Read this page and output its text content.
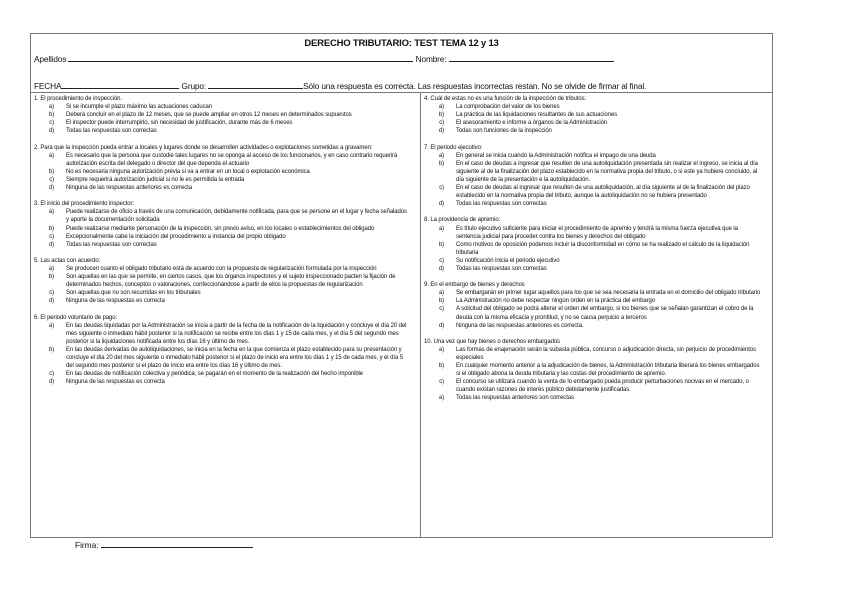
DERECHO TRIBUTARIO: TEST TEMA 12 y 13
Apellidos	Nombre:
FECHA	Grupo:	Sólo una respuesta es correcta. Las respuestas incorrectas restan. No se olvide de firmar al final.
1. El procedimiento de inspección.
a)	Si se incumple el plazo máximo las actuaciones caducan
b)	Deberá concluir en el plazo de 12 meses, que se puede ampliar en otros 12 meses en determinados supuestos
c)	El inspector puede interrumpirlo, sin necesidad de justificación, durante más de 6 meses
d)	Todas las respuestas son correctas
2. Para que la inspección pueda entrar a locales y lugares donde se desarrollen actividades o explotaciones sometidas a gravamen:
a)	Es necesario que la persona que custodie tales lugares no se oponga al acceso de los funcionarios, y en caso contrario requerirá autorización escrita del delegado o director del que dependa el actuario
b)	No es necesaria ninguna autorización previa si va a entrar en un local o explotación económica
c)	Siempre requerirá autorización judicial si no le es permitida la entrada
d)	Ninguna de las respuestas anteriores es correcta
3. El inicio del procedimiento inspector:
a)	Puede realizarse de oficio a través de una comunicación, debidamente notificada, para que se persone en el lugar y fecha señalados y aporte la documentación solicitada
b)	Puede realizarse mediante personación de la inspección, sin previo aviso, en los locales o establecimientos del obligado
c)	Excepcionalmente cabe la iniciación del procedimiento a instancia del propio obligado
d)	Todas las respuestas son correctas
5. Las actas con acuerdo:
a)	Se producen cuanto el obligado tributario está de acuerdo con la propuesta de regularización formulada por la inspección
b)	Son aquellas en las que se permite, en ciertos casos, que los órganos inspectores y el sujeto inspeccionado pacten la fijación de determinados hechos, conceptos o valoraciones, confeccionándose a partir de ellos la propuestas de regularización
c)	Son aquellas que no son recurridas en los tribunales
d)	Ninguna de las respuestas es correcta
6. El periodo voluntario de pago:
a)	En las deudas liquidadas por la Administración se inicia a partir de la fecha de la notificación de la liquidación y concluye el día 20 del mes siguiente o inmediato hábil posterior si la notificación se recibe entre los días 1 y 15 de cada mes, y el día 5 del segundo mes posterior si la liquidaciones notificada entre los días 16 y último de mes.
b)	En las deudas derivadas de autoliquidaciones, se inicia en la fecha en la que comienza el plazo establecido para su presentación y concluye el día 20 del mes siguiente o inmediato hábil posterior si el plazo de inicio era entre los días 1 y 15 de cada mes, y el día 5 del segundo mes posterior si el plazo de inicio era entre los días 16 y último de mes.
c)	En las deudas de notificación colectiva y periódica, se pagarán en el momento de la realización del hecho imponible
d)	Ninguna de las respuestas es correcta
4. Cuál de estas no es una función de la inspección de tributos:
a)	La comprobación del valor de los bienes
b)	La práctica de las liquidaciones resultantes de sus actuaciones
c)	El asesoramiento e informe a órganos de la Administración
d)	Todas son funciones de la inspección
7. El periodo ejecutivo:
a)	En general se inicia cuando la Administración notifica el impago de una deuda
b)	En el caso de deudas a ingresar que resulten de una autoliquidación presentada sin realizar el ingreso, se inicia al día siguiente al de la finalización del plazo establecido en la normativa propia del tributo, o si este ya hubiere concluido, al día siguiente de la presentación e la autoliquidación.
c)	En el caso de deudas al ingresar que resulten de una autoliquidación, al día siguiente al de la finalización del plazo establecido en la normativa propia del tributo, aunque la autoliquidación no se hubiera presentado
d)	Todas las respuestas son correctas
8. La providencia de apremio:
a)	Es título ejecutivo suficiente para iniciar el procedimiento de apremio y tendrá la misma fuerza ejecutiva que la sentencia judicial para proceder contra los bienes y derechos del obligado
b)	Como motivos de oposición podemos incluir la disconformidad en cómo se ha realizado el cálculo de la liquidación tributaria
c)	Su notificación inicia el periodo ejecutivo
d)	Todas las respuestas son correctas
9. En el embargo de bienes y derechos
a)	Se embargarán en primer lugar aquellos para los que se sea necesaria la entrada en el domicilio del obligado tributario
b)	La Administración no debe respectar ningún orden en la práctica del embargo
c)	A solicitud del obligado se podrá alterar el orden del embargo, si los bienes que se señalan garantizan el cobro de la deuda con la misma eficacia y prontitud, y no se causa perjuicio a terceros
d)	Ninguna de las respuestas anteriores es correcta.
10. Una vez que hay bienes o derechos embargados
a)	Las formas de enajenación serán la subasta pública, concurso o adjudicación directa, sin perjuicio de procedimientos especiales
b)	En cualquier momento anterior a la adjudicación de bienes, la Administración tributaria liberará los bienes embargados si el obligado abona la deuda tributaria y las costas del procedimiento de apremio.
c)	El concurso se utilizará cuando la venta de lo embargado pueda producir perturbaciones nocivas en el mercado, o cuando existan razones de interés público debidamente justificadas.
a)	Todas las respuestas anteriores son correctas
Firma:
